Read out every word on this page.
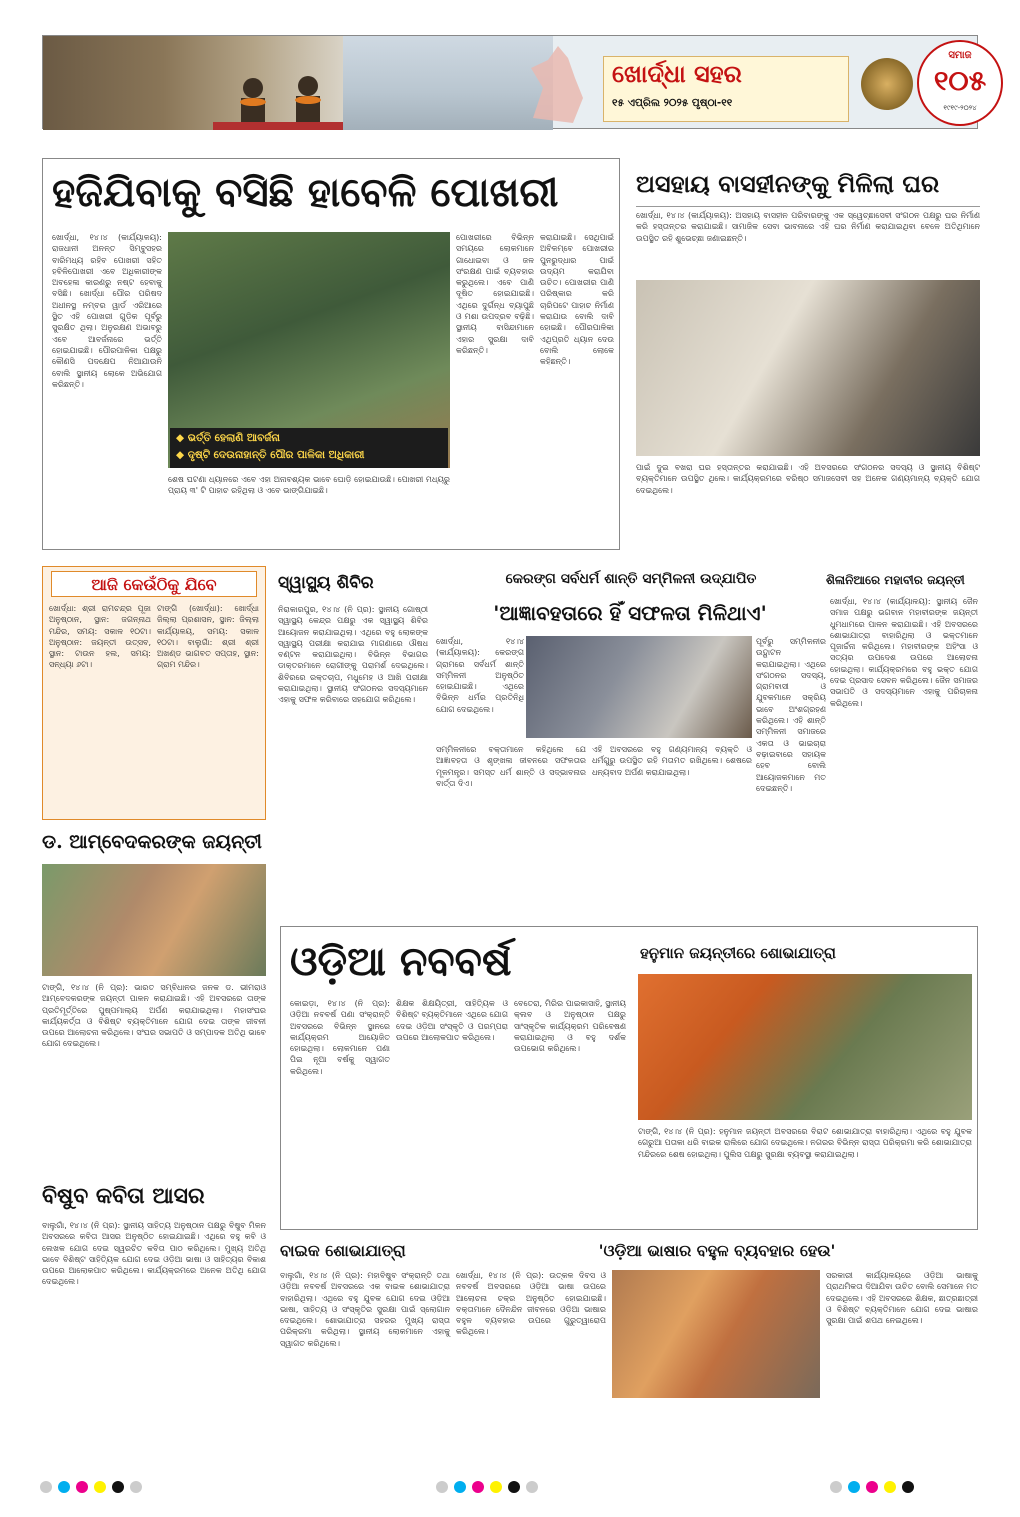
ଖୋର୍ଦ୍ଧା ସହର
୧୫ ଏପ୍ରିଲ ୨୦୨୫ ପୃଷ୍ଠା-୧୧
ସମାଜ
୧୦୫
୧୯୧୯-୨୦୨୪
ହଜିଯିବାକୁ ବସିଛି ହାବେଳି ପୋଖରୀ
ଖୋର୍ଦ୍ଧା, ୧୪।୪ (କାର୍ଯ୍ୟାଳୟ): ରାଜଧାନୀ ଅନନ୍ତ ସିମ୍ବୁସହର ବାରିମଧ୍ୟ ରହିବ ପୋଖରୀ ସହିତ ହବିଳିପୋଖରୀ ଏବେ ଅଧିକାରୀଙ୍କ ଅବହେଳା କାରଣରୁ ନଷ୍ଟ ହେବାକୁ ବସିଛି। ଖୋର୍ଦ୍ଧା ପୌର ପରିଷଦ ଅଧୀନସ୍ଥ ନମ୍ବର ୱାର୍ଡ ଏରିଆରେ ସ୍ଥିତ ଏହି ପୋଖରୀ ଗୁଡ଼ିକ ପୂର୍ବରୁ ସୁରକ୍ଷିତ ଥିଲା। ଅନୁରକ୍ଷଣ ଅଭାବରୁ ଏବେ ଆବର୍ଜନାରେ ଭର୍ତ୍ତି ହୋଇଯାଇଛି। ପୌରପାଳିକା ପକ୍ଷରୁ କୌଣସି ପଦକ୍ଷେପ ନିଆଯାଉନି ବୋଲି ସ୍ଥାନୀୟ ଲୋକେ ଅଭିଯୋଗ କରିଛନ୍ତି।
◆ ଭର୍ତ୍ତି ହେଲାଣି ଆବର୍ଜନା
◆ ଦୃଷ୍ଟି ଦେଉନାହାନ୍ତି ପୌର ପାଳିକା ଅଧିକାରୀ
ଶେଷ ଘଟଣା ଧ୍ୟାନରେ ଏବେ ଏହା ଅନାବଶ୍ୟକ ଭାବେ ଘୋଡ଼ି ହୋଇଯାଉଛି। ପୋଖରୀ ମଧ୍ୟରୁ ପ୍ରାୟ ୩' ଟି ପାହାଚ ରହିଥିଲା ଓ ଏବେ ଭାଙ୍ଗିଯାଇଛି।
ପୋଖରୀରେ ବିଭିନ୍ନ ସମୟରେ ଲୋକମାନେ ଗାଧୋଇବା ଓ ଜଳ ସଂରକ୍ଷଣ ପାଇଁ ବ୍ୟବହାର କରୁଥିଲେ। ଏବେ ପାଣି ଦୂଷିତ ହୋଇଯାଇଛି। ଏଥିରେ ଦୁର୍ଗନ୍ଧ ବ୍ୟାପୁଛି ଓ ମଶା ଉପଦ୍ରବ ବଢ଼ିଛି। ସ୍ଥାନୀୟ ବାସିନ୍ଦାମାନେ ଏହାର ସୁରକ୍ଷା ଦାବି କରିଛନ୍ତି।
କରାଯାଇଛି। ସେଥିପାଇଁ ଅବିଳମ୍ବେ ପୋଖରୀର ପୁନରୁଦ୍ଧାର ପାଇଁ ଉଦ୍ୟମ କରାଯିବା ଉଚିତ। ପୋଖରୀର ପାଣି ପରିଷ୍କାର କରି ଚାରିପଟେ ପାହାଚ ନିର୍ମାଣ କରାଯାଉ ବୋଲି ଦାବି ହୋଇଛି। ପୌରପାଳିକା ଏଥିପ୍ରତି ଧ୍ୟାନ ଦେଉ ବୋଲି ଲୋକେ କହିଛନ୍ତି।
ଅସହାୟ ବାସହୀନଙ୍କୁ ମିଳିଲା ଘର
ଖୋର୍ଦ୍ଧା, ୧୪।୪ (କାର୍ଯ୍ୟାଳୟ): ଅସହାୟ ବାସହୀନ ପରିବାରଙ୍କୁ ଏକ ସ୍ୱେଚ୍ଛାସେବୀ ସଂଗଠନ ପକ୍ଷରୁ ଘର ନିର୍ମାଣ କରି ହସ୍ତାନ୍ତର କରାଯାଇଛି। ସାମାଜିକ ସେବା ଭାବନାରେ ଏହି ଘର ନିର୍ମାଣ କରାଯାଇଥିବା ବେଳେ ଅତିଥିମାନେ ଉପସ୍ଥିତ ରହି ଶୁଭେଚ୍ଛା ଜଣାଇଛନ୍ତି।
ପାଇଁ ଦୁଇ ବଖରା ଘର ହସ୍ତାନ୍ତର କରାଯାଇଛି। ଏହି ଅବସରରେ ସଂଗଠନର ସଦସ୍ୟ ଓ ସ୍ଥାନୀୟ ବିଶିଷ୍ଟ ବ୍ୟକ୍ତିମାନେ ଉପସ୍ଥିତ ଥିଲେ। କାର୍ଯ୍ୟକ୍ରମରେ ବରିଷ୍ଠ ସମାଜସେବୀ ସହ ଅନେକ ଗଣ୍ୟମାନ୍ୟ ବ୍ୟକ୍ତି ଯୋଗ ଦେଇଥିଲେ।
ଆଜି କେଉଁଠିକୁ ଯିବେ
ଖୋର୍ଦ୍ଧା: ଶ୍ରୀ ରାମଚନ୍ଦ୍ର ପୂଜା ଅନୁଷ୍ଠାନ, ସ୍ଥାନ: ଜଗନ୍ନାଥ ମନ୍ଦିର, ସମୟ: ସକାଳ ୧୦ଟା। ଅନୁଷ୍ଠାନ: ଜୟନ୍ତୀ ଉତ୍ସବ, ସ୍ଥାନ: ଟାଉନ ହଲ, ସମୟ: ସନ୍ଧ୍ୟା ୬ଟା।
ଟାଙ୍ଗି (ଖୋର୍ଦ୍ଧା): ଖୋର୍ଦ୍ଧା ଜିଲ୍ଲା ପ୍ରଶାସନ, ସ୍ଥାନ: ଜିଲ୍ଲା କାର୍ଯ୍ୟାଳୟ, ସମୟ: ସକାଳ ୧୦ଟା। ବାଲୁଗାଁ: ଶ୍ରୀ ଶ୍ରୀ ଅଖଣ୍ଡ ଭାଗବତ ସପ୍ତାହ, ସ୍ଥାନ: ଗ୍ରାମ ମନ୍ଦିର।
ଡ. ଆମ୍ବେଦକରଙ୍କ ଜୟନ୍ତୀ
ଟାଙ୍ଗି, ୧୪।୪ (ନି ପ୍ର): ଭାରତ ସମ୍ବିଧାନର ଜନକ ଡ. ଭୀମରାଓ ଆମ୍ବେଦକରଙ୍କ ଜୟନ୍ତୀ ପାଳନ କରାଯାଇଛି। ଏହି ଅବସରରେ ତାଙ୍କ ପ୍ରତିମୂର୍ତ୍ତିରେ ପୁଷ୍ପମାଲ୍ୟ ଅର୍ପଣ କରାଯାଇଥିଲା। ମହାସଂଘର କାର୍ଯ୍ୟକର୍ତ୍ତା ଓ ବିଶିଷ୍ଟ ବ୍ୟକ୍ତିମାନେ ଯୋଗ ଦେଇ ତାଙ୍କ ଜୀବନୀ ଉପରେ ଆଲୋଚନା କରିଥିଲେ। ସଂଘର ସଭାପତି ଓ ସମ୍ପାଦକ ଅତିଥି ଭାବେ ଯୋଗ ଦେଇଥିଲେ।
ବିଷୁବ କବିତା ଆସର
ବାଲୁଗାଁ, ୧୪।୪ (ନି ପ୍ର): ସ୍ଥାନୀୟ ସାହିତ୍ୟ ଅନୁଷ୍ଠାନ ପକ୍ଷରୁ ବିଷୁବ ମିଳନ ଅବସରରେ କବିତା ଆସର ଅନୁଷ୍ଠିତ ହୋଇଯାଇଛି। ଏଥିରେ ବହୁ କବି ଓ ଲେଖକ ଯୋଗ ଦେଇ ସ୍ୱରଚିତ କବିତା ପାଠ କରିଥିଲେ। ମୁଖ୍ୟ ଅତିଥି ଭାବେ ବିଶିଷ୍ଟ ସାହିତ୍ୟିକ ଯୋଗ ଦେଇ ଓଡ଼ିଆ ଭାଷା ଓ ସାହିତ୍ୟର ବିକାଶ ଉପରେ ଆଲୋକପାତ କରିଥିଲେ। କାର୍ଯ୍ୟକ୍ରମରେ ଅନେକ ଅତିଥି ଯୋଗ ଦେଇଥିଲେ।
ସ୍ୱାସ୍ଥ୍ୟ ଶିବିର
ନିରାକାରପୁର, ୧୪।୪ (ନି ପ୍ର): ସ୍ଥାନୀୟ ଗୋଷ୍ଠୀ ସ୍ୱାସ୍ଥ୍ୟ କେନ୍ଦ୍ର ପକ୍ଷରୁ ଏକ ସ୍ୱାସ୍ଥ୍ୟ ଶିବିର ଆୟୋଜନ କରାଯାଇଥିଲା। ଏଥିରେ ବହୁ ଲୋକଙ୍କ ସ୍ୱାସ୍ଥ୍ୟ ପରୀକ୍ଷା କରାଯାଇ ମାଗଣାରେ ଔଷଧ ବଣ୍ଟନ କରାଯାଇଥିଲା। ବିଭିନ୍ନ ବିଭାଗର ଡାକ୍ତରମାନେ ରୋଗୀଙ୍କୁ ପରାମର୍ଶ ଦେଇଥିଲେ। ଶିବିରରେ ରକ୍ତଚାପ, ମଧୁମେହ ଓ ଆଖି ପରୀକ୍ଷା କରାଯାଇଥିଲା। ସ୍ଥାନୀୟ ସଂଗଠନର ସଦସ୍ୟମାନେ ଏହାକୁ ସଫଳ କରିବାରେ ସହଯୋଗ କରିଥିଲେ।
କେରଙ୍ଗ ସର୍ବଧର୍ମ ଶାନ୍ତି ସମ୍ମିଳନୀ ଉଦ୍ଯାପିତ
'ଆଜ୍ଞାବହତାରେ ହିଁ ସଫଳତା ମିଳିଥାଏ'
ଖୋର୍ଦ୍ଧା, ୧୪।୪ (କାର୍ଯ୍ୟାଳୟ): କେରଙ୍ଗ ଗ୍ରାମରେ ସର୍ବଧର୍ମ ଶାନ୍ତି ସମ୍ମିଳନୀ ଅନୁଷ୍ଠିତ ହୋଇଯାଇଛି। ଏଥିରେ ବିଭିନ୍ନ ଧର୍ମର ପ୍ରତିନିଧି ଯୋଗ ଦେଇଥିଲେ।
ପୂର୍ବରୁ ସମ୍ମିଳନୀର ଉଦ୍ଘାଟନ କରାଯାଇଥିଲା। ଏଥିରେ ସଂଗଠନର ସଦସ୍ୟ, ଗ୍ରାମବାସୀ ଓ ଯୁବକମାନେ ସକ୍ରିୟ ଭାବେ ଅଂଶଗ୍ରହଣ କରିଥିଲେ। ଏହି ଶାନ୍ତି ସମ୍ମିଳନୀ ସମାଜରେ ଏକତା ଓ ଭାଇଚାରା ବଢ଼ାଇବାରେ ସହାୟକ ହେବ ବୋଲି ଆୟୋଜକମାନେ ମତ ଦେଇଛନ୍ତି।
ସମ୍ମିଳନୀରେ ବକ୍ତାମାନେ କହିଥିଲେ ଯେ ଆଜ୍ଞାବହତା ଓ ଶୃଙ୍ଖଳା ଜୀବନରେ ସଫଳତାର ମୂଳମନ୍ତ୍ର। ସମସ୍ତ ଧର୍ମ ଶାନ୍ତି ଓ ସଦ୍ଭାବନାର ବାର୍ତ୍ତା ଦିଏ।
ଏହି ଅବସରରେ ବହୁ ଗଣ୍ୟମାନ୍ୟ ବ୍ୟକ୍ତି ଓ ଧର୍ମଗୁରୁ ଉପସ୍ଥିତ ରହି ମତାମତ ରଖିଥିଲେ। ଶେଷରେ ଧନ୍ୟବାଦ ଅର୍ପଣ କରାଯାଇଥିଲା।
ଶିଳାନିଆରେ ମହାବୀର ଜୟନ୍ତୀ
ଖୋର୍ଦ୍ଧା, ୧୪।୪ (କାର୍ଯ୍ୟାଳୟ): ସ୍ଥାନୀୟ ଜୈନ ସମାଜ ପକ୍ଷରୁ ଭଗବାନ ମହାବୀରଙ୍କ ଜୟନ୍ତୀ ଧୁମଧାମରେ ପାଳନ କରାଯାଇଛି। ଏହି ଅବସରରେ ଶୋଭାଯାତ୍ରା ବାହାରିଥିଲା ଓ ଭକ୍ତମାନେ ପୂଜାର୍ଚ୍ଚନା କରିଥିଲେ। ମହାବୀରଙ୍କ ଅହିଂସା ଓ ସତ୍ୟର ଉପଦେଶ ଉପରେ ଆଲୋଚନା ହୋଇଥିଲା। କାର୍ଯ୍ୟକ୍ରମରେ ବହୁ ଭକ୍ତ ଯୋଗ ଦେଇ ପ୍ରସାଦ ସେବନ କରିଥିଲେ। ଜୈନ ସମାଜର ସଭାପତି ଓ ସଦସ୍ୟମାନେ ଏହାକୁ ପରିଚାଳନା କରିଥିଲେ।
ଓଡ଼ିଆ ନବବର୍ଷ
କୋଇଡ଼ା, ୧୪।୪ (ନି ପ୍ର): ଓଡ଼ିଆ ନବବର୍ଷ ପଣା ସଂକ୍ରାନ୍ତି ଅବସରରେ ବିଭିନ୍ନ ସ୍ଥାନରେ କାର୍ଯ୍ୟକ୍ରମ ଆୟୋଜିତ ହୋଇଥିଲା। ଲୋକମାନେ ପଣା ପିଇ ନୂଆ ବର୍ଷକୁ ସ୍ୱାଗତ କରିଥିଲେ।
ଶିକ୍ଷକ ଶିକ୍ଷୟିତ୍ରୀ, ସାହିତ୍ୟିକ ଓ ବିଶିଷ୍ଟ ବ୍ୟକ୍ତିମାନେ ଏଥିରେ ଯୋଗ ଦେଇ ଓଡ଼ିଆ ସଂସ୍କୃତି ଓ ପରମ୍ପରା ଉପରେ ଆଲୋକପାତ କରିଥିଲେ।
ବେତେରା, ମିରିର ପାଇକାସାହି, ସ୍ଥାନୀୟ କ୍ଲବ ଓ ଅନୁଷ୍ଠାନ ପକ୍ଷରୁ ସାଂସ୍କୃତିକ କାର୍ଯ୍ୟକ୍ରମ ପରିବେଷଣ କରାଯାଇଥିଲା ଓ ବହୁ ଦର୍ଶକ ଉପଭୋଗ କରିଥିଲେ।
ହନୁମାନ ଜୟନ୍ତୀରେ ଶୋଭାଯାତ୍ରା
ଟାଙ୍ଗି, ୧୪।୪ (ନି ପ୍ର): ହନୁମାନ ଜୟନ୍ତୀ ଅବସରରେ ବିରାଟ ଶୋଭାଯାତ୍ରା ବାହାରିଥିଲା। ଏଥିରେ ବହୁ ଯୁବକ ଗେରୁଆ ପତାକା ଧରି ବାଇକ ରାଲିରେ ଯୋଗ ଦେଇଥିଲେ। ନଗରର ବିଭିନ୍ନ ରାସ୍ତା ପରିକ୍ରମା କରି ଶୋଭାଯାତ୍ରା ମନ୍ଦିରରେ ଶେଷ ହୋଇଥିଲା। ପୁଲିସ ପକ୍ଷରୁ ସୁରକ୍ଷା ବ୍ୟବସ୍ଥା କରାଯାଇଥିଲା।
ବାଇକ ଶୋଭାଯାତ୍ରା
ବାଲୁଗାଁ, ୧୪।୪ (ନି ପ୍ର): ମହାବିଷୁବ ସଂକ୍ରାନ୍ତି ତଥା ଓଡ଼ିଆ ନବବର୍ଷ ଅବସରରେ ଏକ ବାଇକ ଶୋଭାଯାତ୍ରା ବାହାରିଥିଲା। ଏଥିରେ ବହୁ ଯୁବକ ଯୋଗ ଦେଇ ଓଡ଼ିଆ ଭାଷା, ସାହିତ୍ୟ ଓ ସଂସ୍କୃତିର ସୁରକ୍ଷା ପାଇଁ ସ୍ଲୋଗାନ ଦେଇଥିଲେ। ଶୋଭାଯାତ୍ରା ସହରର ମୁଖ୍ୟ ରାସ୍ତା ପରିକ୍ରମା କରିଥିଲା। ସ୍ଥାନୀୟ ଲୋକମାନେ ଏହାକୁ ସ୍ୱାଗତ କରିଥିଲେ।
'ଓଡ଼ିଆ ଭାଷାର ବହୁଳ ବ୍ୟବହାର ହେଉ'
ଖୋର୍ଦ୍ଧା, ୧୪।୪ (ନି ପ୍ର): ଉତ୍କଳ ଦିବସ ଓ ନବବର୍ଷ ଅବସରରେ ଓଡ଼ିଆ ଭାଷା ଉପରେ ଆଲୋଚନା ଚକ୍ର ଅନୁଷ୍ଠିତ ହୋଇଯାଇଛି। ବକ୍ତାମାନେ ଦୈନନ୍ଦିନ ଜୀବନରେ ଓଡ଼ିଆ ଭାଷାର ବହୁଳ ବ୍ୟବହାର ଉପରେ ଗୁରୁତ୍ୱାରୋପ କରିଥିଲେ।
ସରକାରୀ କାର୍ଯ୍ୟାଳୟରେ ଓଡ଼ିଆ ଭାଷାକୁ ପ୍ରାଥମିକତା ଦିଆଯିବା ଉଚିତ ବୋଲି ସେମାନେ ମତ ଦେଇଥିଲେ। ଏହି ଅବସରରେ ଶିକ୍ଷକ, ଛାତ୍ରଛାତ୍ରୀ ଓ ବିଶିଷ୍ଟ ବ୍ୟକ୍ତିମାନେ ଯୋଗ ଦେଇ ଭାଷାର ସୁରକ୍ଷା ପାଇଁ ଶପଥ ନେଇଥିଲେ।
